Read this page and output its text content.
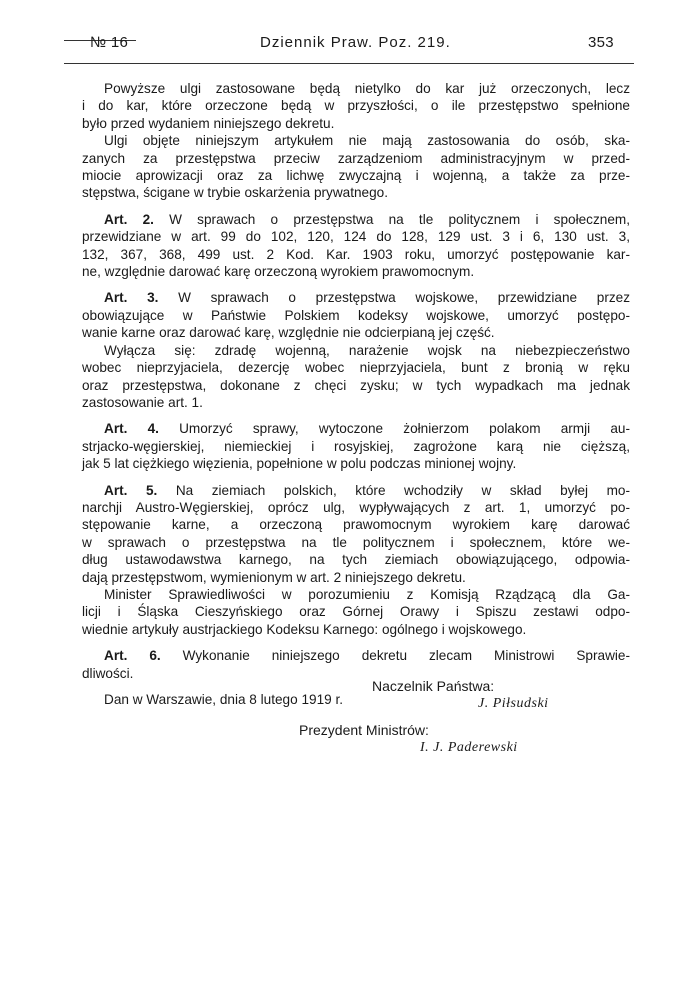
№ 16	Dziennik Praw. Poz. 219.	353
Powyższe ulgi zastosowane będą nietylko do kar już orzeczonych, lecz
i do kar, które orzeczone będą w przyszłości, o ile przestępstwo spełnione
było przed wydaniem niniejszego dekretu.
Ulgi objęte niniejszym artykułem nie mają zastosowania do osób, ska-
zanych za przestępstwa przeciw zarządzeniom administracyjnym w przed-
miocie aprowizacji oraz za lichwę zwyczajną i wojenną, a także za prze-
stępstwa, ścigane w trybie oskarżenia prywatnego.
Art. 2. W sprawach o przestępstwa na tle politycznem i społecznem,
przewidziane w art. 99 do 102, 120, 124 do 128, 129 ust. 3 i 6, 130 ust. 3,
132, 367, 368, 499 ust. 2 Kod. Kar. 1903 roku, umorzyć postępowanie kar-
ne, względnie darować karę orzeczoną wyrokiem prawomocnym.
Art. 3. W sprawach o przestępstwa wojskowe, przewidziane przez
obowiązujące w Państwie Polskiem kodeksy wojskowe, umorzyć postępo-
wanie karne oraz darować karę, względnie nie odcierpianą jej część.
Wyłącza się: zdradę wojenną, narażenie wojsk na niebezpieczeństwo
wobec nieprzyjaciela, dezercję wobec nieprzyjaciela, bunt z bronią w ręku
oraz przestępstwa, dokonane z chęci zysku; w tych wypadkach ma jednak
zastosowanie art. 1.
Art. 4. Umorzyć sprawy, wytoczone żołnierzom polakom armji au-
strjacko-węgierskiej, niemieckiej i rosyjskiej, zagrożone karą nie cięższą,
jak 5 lat ciężkiego więzienia, popełnione w polu podczas minionej wojny.
Art. 5. Na ziemiach polskich, które wchodziły w skład byłej mo-
narchji Austro-Węgierskiej, oprócz ulg, wypływających z art. 1, umorzyć po-
stępowanie karne, a orzeczoną prawomocnym wyrokiem karę darować
w sprawach o przestępstwa na tle politycznem i społecznem, które we-
dług ustawodawstwa karnego, na tych ziemiach obowiązującego, odpowia-
dają przestępstwom, wymienionym w art. 2 niniejszego dekretu.
Minister Sprawiedliwości w porozumieniu z Komisją Rządzącą dla Ga-
licji i Śląska Cieszyńskiego oraz Górnej Orawy i Spiszu zestawi odpo-
wiednie artykuły austrjackiego Kodeksu Karnego: ogólnego i wojskowego.
Art. 6. Wykonanie niniejszego dekretu zlecam Ministrowi Sprawie-
dliwości.
Dan w Warszawie, dnia 8 lutego 1919 r.
Naczelnik Państwa:
J. Piłsudski
Prezydent Ministrów:
I. J. Paderewski
